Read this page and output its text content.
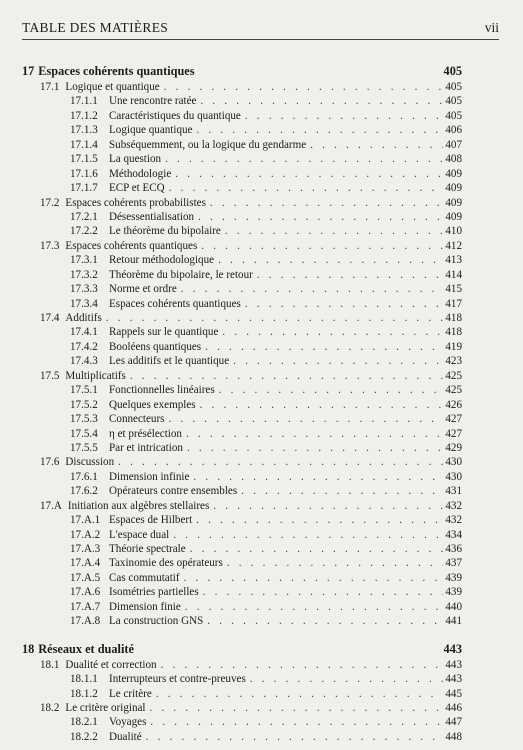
TABLE DES MATIÈRES	vii
17 Espaces cohérents quantiques	405
17.1 Logique et quantique . . .	405
17.1.1	Une rencontre ratée . . .	405
17.1.2	Caractéristiques du quantique . . .	405
17.1.3	Logique quantique . . .	406
17.1.4	Subséquemment, ou la logique du gendarme . . .	407
17.1.5	La question . . .	408
17.1.6	Méthodologie . . .	409
17.1.7	ECP et ECQ . . .	409
17.2 Espaces cohérents probabilistes . . .	409
17.2.1	Désessentialisation . . .	409
17.2.2	Le théorème du bipolaire . . .	410
17.3 Espaces cohérents quantiques . . .	412
17.3.1	Retour méthodologique . . .	413
17.3.2	Théorème du bipolaire, le retour . . .	414
17.3.3	Norme et ordre . . .	415
17.3.4	Espaces cohérents quantiques . . .	417
17.4 Additifs . . .	418
17.4.1	Rappels sur le quantique . . .	418
17.4.2	Booléens quantiques . . .	419
17.4.3	Les additifs et le quantique . . .	423
17.5 Multiplicatifs . . .	425
17.5.1	Fonctionnelles linéaires . . .	425
17.5.2	Quelques exemples . . .	426
17.5.3	Connecteurs . . .	427
17.5.4	η et présélection . . .	427
17.5.5	Par et intrication . . .	429
17.6 Discussion . . .	430
17.6.1	Dimension infinie . . .	430
17.6.2	Opérateurs contre ensembles . . .	431
17.A Initiation aux algèbres stellaires . . .	432
17.A.1 Espaces de Hilbert . . .	432
17.A.2 L'espace dual . . .	434
17.A.3 Théorie spectrale . . .	436
17.A.4 Taxinomie des opérateurs . . .	437
17.A.5 Cas commutatif . . .	439
17.A.6 Isométries partielles . . .	439
17.A.7 Dimension finie . . .	440
17.A.8 La construction GNS . . .	441
18 Réseaux et dualité	443
18.1 Dualité et correction . . .	443
18.1.1	Interrupteurs et contre-preuves . . .	443
18.1.2	Le critère . . .	445
18.2 Le critère original . . .	446
18.2.1	Voyages . . .	447
18.2.2	Dualité . . .	448
